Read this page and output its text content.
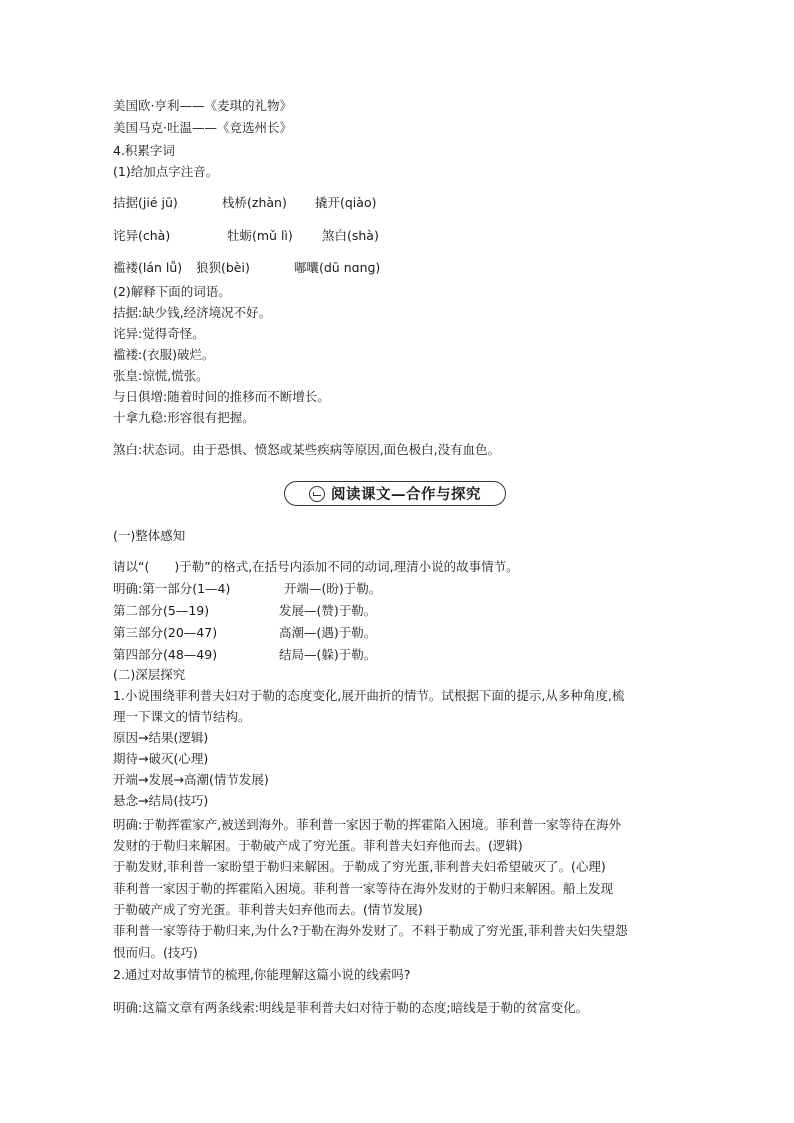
美国欧·亨利——《麦琪的礼物》
美国马克·吐温——《竞选州长》
4.积累字词
(1)给加点字注音。
拮据(jié jū)	栈桥(zhàn) 撬开(qiào)
诧异(chà)	牡蛎(mǔ lì) 煞白(shà)
褴褛(lán lǚ) 狼狈(bèi)	嘟囔(dū nɑnɡ)
(2)解释下面的词语。
拮据:缺少钱,经济境况不好。
诧异:觉得奇怪。
褴褛:(衣服)破烂。
张皇:惊慌,慌张。
与日俱增:随着时间的推移而不断增长。
十拿九稳:形容很有把握。
煞白:状态词。由于恐惧、愤怒或某些疾病等原因,面色极白,没有血色。
阅读课文—合作与探究
(一)整体感知
请以“(　　)于勒”的格式,在括号内添加不同的动词,理清小说的故事情节。
明确:第一部分(1—4)	开端—(盼)于勒。
第二部分(5—19)	发展—(赞)于勒。
第三部分(20—47)	高潮—(遇)于勒。
第四部分(48—49)	结局—(躲)于勒。
(二)深层探究
1.小说围绕菲利普夫妇对于勒的态度变化,展开曲折的情节。试根据下面的提示,从多种角度,梳
理一下课文的情节结构。
原因→结果(逻辑)
期待→破灭(心理)
开端→发展→高潮(情节发展)
悬念→结局(技巧)
明确:于勒挥霍家产,被送到海外。菲利普一家因于勒的挥霍陷入困境。菲利普一家等待在海外
发财的于勒归来解困。于勒破产成了穷光蛋。菲利普夫妇弃他而去。(逻辑)
于勒发财,菲利普一家盼望于勒归来解困。于勒成了穷光蛋,菲利普夫妇希望破灭了。(心理)
菲利普一家因于勒的挥霍陷入困境。菲利普一家等待在海外发财的于勒归来解困。船上发现
于勒破产成了穷光蛋。菲利普夫妇弃他而去。(情节发展)
菲利普一家等待于勒归来,为什么?于勒在海外发财了。不料于勒成了穷光蛋,菲利普夫妇失望怨
恨而归。(技巧)
2.通过对故事情节的梳理,你能理解这篇小说的线索吗?
明确:这篇文章有两条线索:明线是菲利普夫妇对待于勒的态度;暗线是于勒的贫富变化。
